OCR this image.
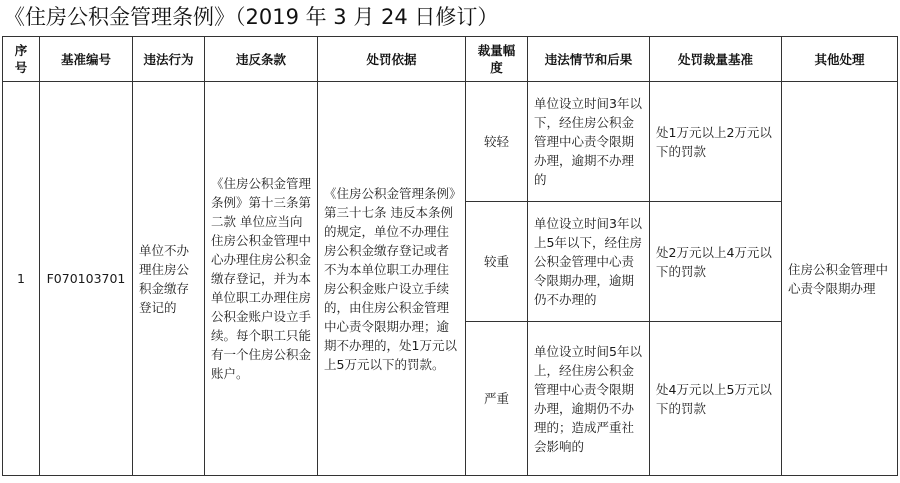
《住房公积金管理条例》（2019 年 3 月 24 日修订）
序号	基准编号	违法行为	违反条款	处罚依据	裁量幅度	违法情节和后果	处罚裁量基准	其他处理
1	F070103701	单位不办理住房公积金缴存登记的	《住房公积金管理条例》第十三条第二款 单位应当向住房公积金管理中心办理住房公积金缴存登记，并为本单位职工办理住房公积金账户设立手续。每个职工只能有一个住房公积金账户。	《住房公积金管理条例》第三十七条 违反本条例的规定，单位不办理住房公积金缴存登记或者不为本单位职工办理住房公积金账户设立手续的，由住房公积金管理中心责令限期办理；逾期不办理的，处1万元以上5万元以下的罚款。	较轻	单位设立时间3年以下，经住房公积金管理中心责令限期办理，逾期不办理的	处1万元以上2万元以下的罚款	住房公积金管理中心责令限期办理
					较重	单位设立时间3年以上5年以下，经住房公积金管理中心责令限期办理，逾期仍不办理的	处2万元以上4万元以下的罚款	
					严重	单位设立时间5年以上，经住房公积金管理中心责令限期办理，逾期仍不办理的；造成严重社会影响的	处4万元以上5万元以下的罚款	
